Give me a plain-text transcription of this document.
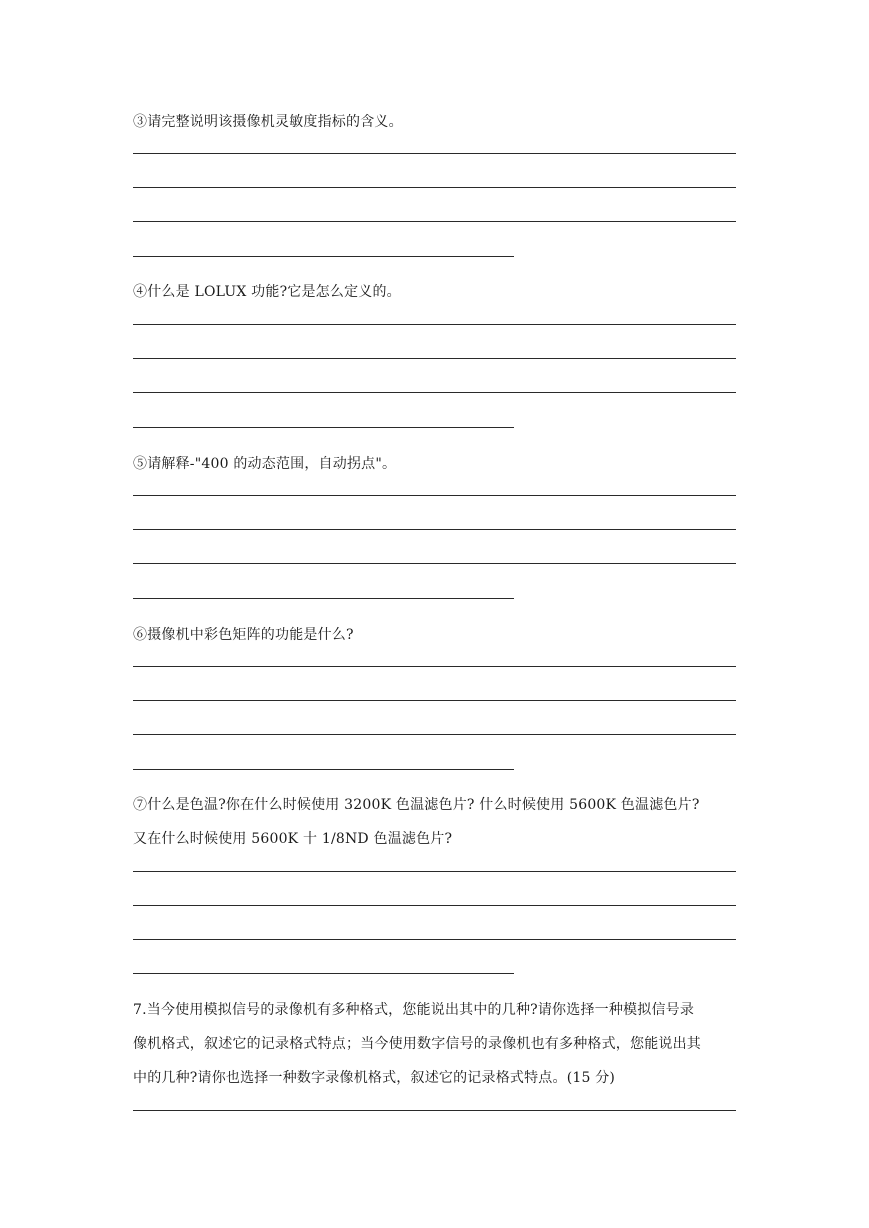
③请完整说明该摄像机灵敏度指标的含义。
④什么是 LOLUX 功能?它是怎么定义的。
⑤请解释-"400 的动态范围，自动拐点"。
⑥摄像机中彩色矩阵的功能是什么?
⑦什么是色温?你在什么时候使用 3200K 色温滤色片? 什么时候使用 5600K 色温滤色片?
又在什么时候使用 5600K 十 1/8ND 色温滤色片?
7.当今使用模拟信号的录像机有多种格式，您能说出其中的几种?请你选择一种模拟信号录
像机格式，叙述它的记录格式特点；当今使用数字信号的录像机也有多种格式，您能说出其
中的几种?请你也选择一种数字录像机格式，叙述它的记录格式特点。(15 分)
